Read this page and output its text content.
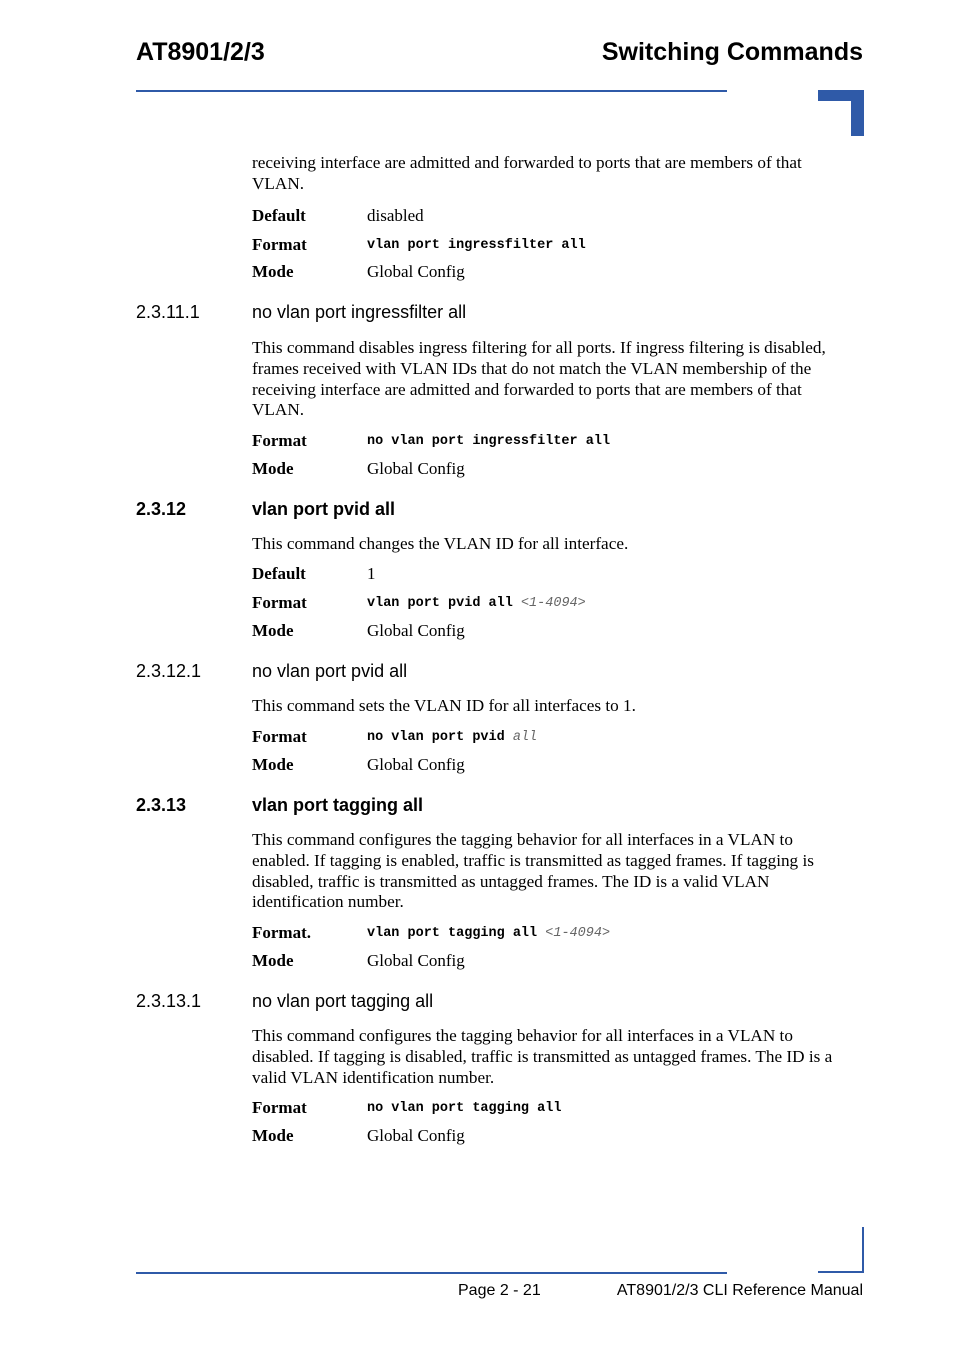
AT8901/2/3	Switching Commands

receiving interface are admitted and forwarded to ports that are members of that VLAN.

Default	disabled
Format	vlan port ingressfilter all
Mode	Global Config
2.3.11.1	no vlan port ingressfilter all

This command disables ingress filtering for all ports. If ingress filtering is disabled, frames received with VLAN IDs that do not match the VLAN membership of the receiving interface are admitted and forwarded to ports that are members of that VLAN.

Format	no vlan port ingressfilter all
Mode	Global Config
2.3.12	vlan port pvid all

This command changes the VLAN ID for all interface.

Default	1
Format	vlan port pvid all <1-4094>
Mode	Global Config
2.3.12.1	no vlan port pvid all

This command sets the VLAN ID for all interfaces to 1.

Format	no vlan port pvid all
Mode	Global Config
2.3.13	vlan port tagging all

This command configures the tagging behavior for all interfaces in a VLAN to enabled. If tagging is enabled, traffic is transmitted as tagged frames. If tagging is disabled, traffic is transmitted as untagged frames. The ID is a valid VLAN identification number.

Format.	vlan port tagging all <1-4094>
Mode	Global Config
2.3.13.1	no vlan port tagging all

This command configures the tagging behavior for all interfaces in a VLAN to disabled. If tagging is disabled, traffic is transmitted as untagged frames. The ID is a valid VLAN identification number.

Format	no vlan port tagging all
Mode	Global Config
Page 2 - 21	AT8901/2/3 CLI Reference Manual
